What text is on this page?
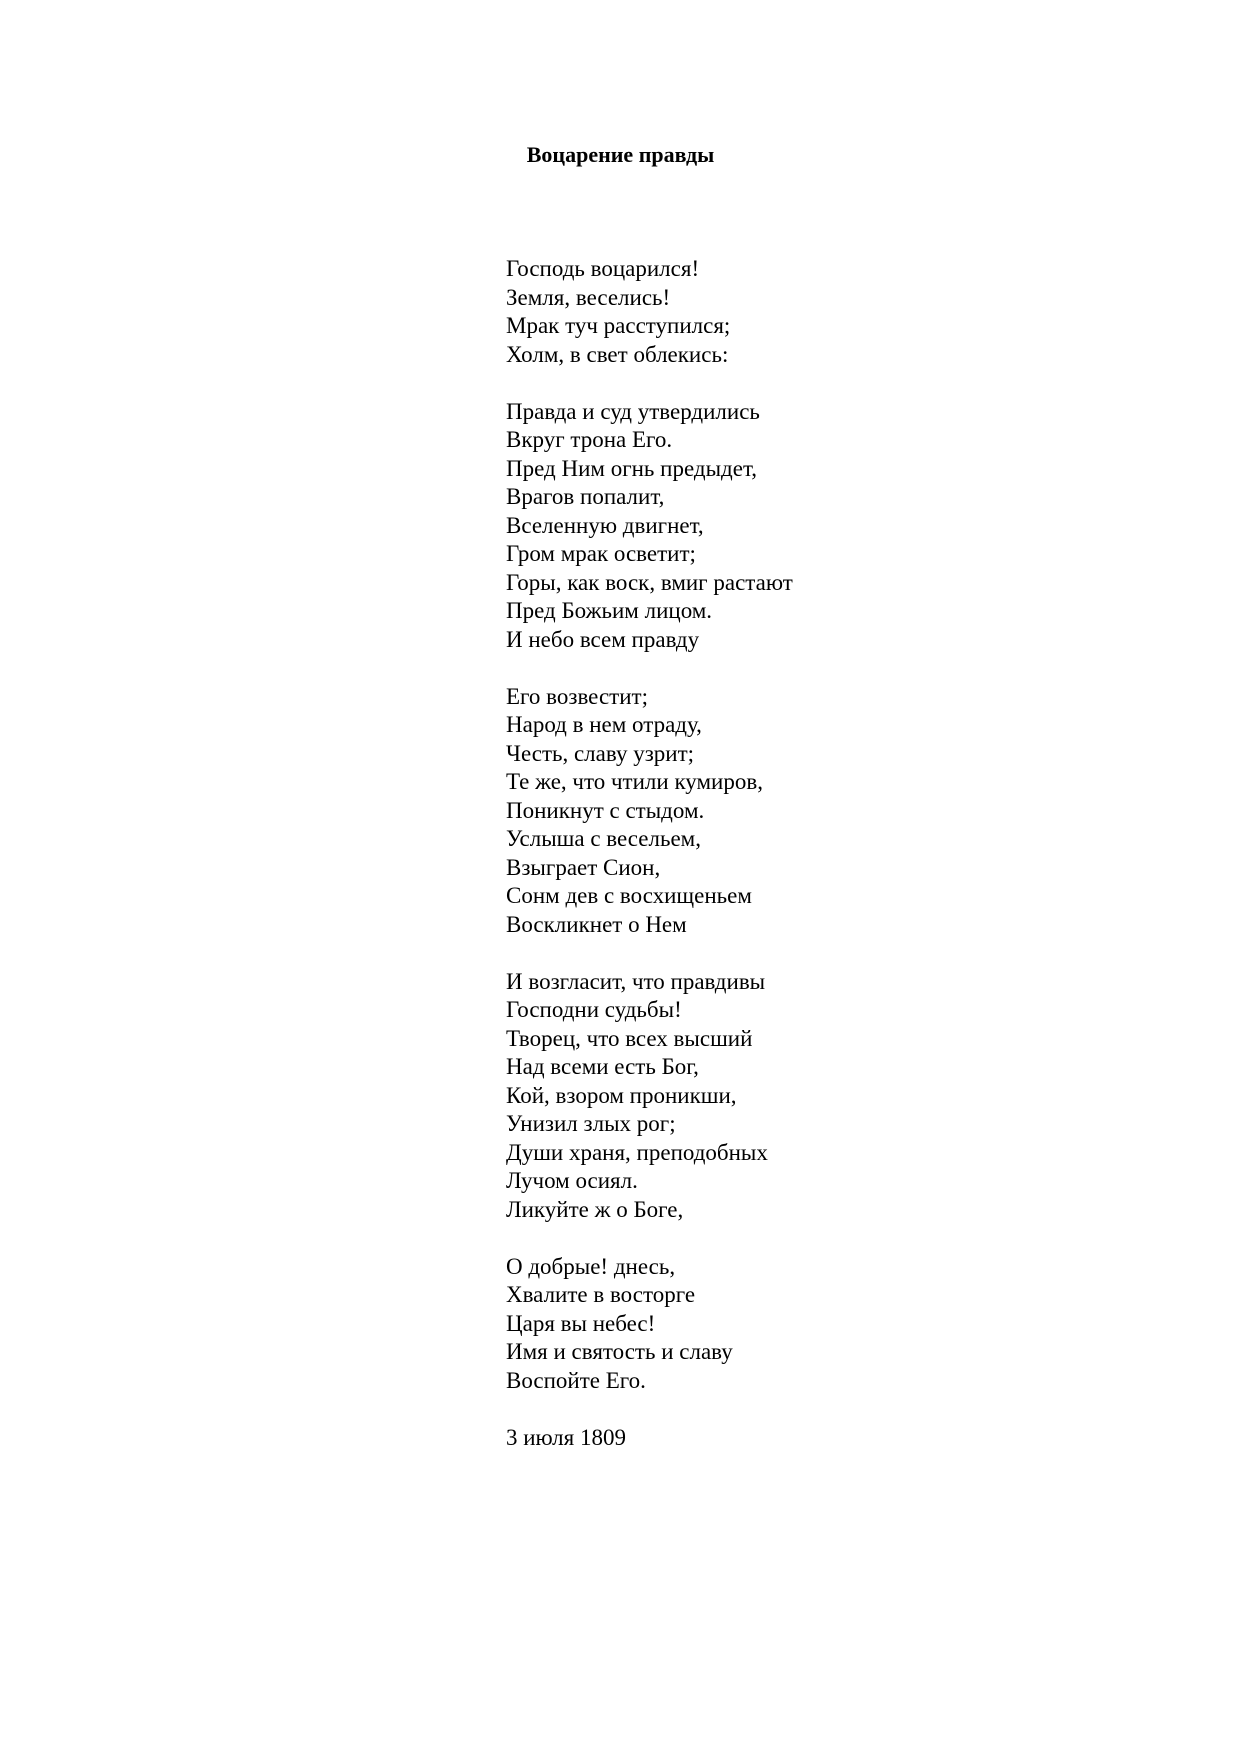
Воцарение правды
Господь воцарился!
Земля, веселись!
Мрак туч расступился;
Холм, в свет облекись:
Правда и суд утвердились
Вкруг трона Его.
Пред Ним огнь предыдет,
Врагов попалит,
Вселенную двигнет,
Гром мрак осветит;
Горы, как воск, вмиг растают
Пред Божьим лицом.
И небо всем правду
Его возвестит;
Народ в нем отраду,
Честь, славу узрит;
Те же, что чтили кумиров,
Поникнут с стыдом.
Услыша с весельем,
Взыграет Сион,
Сонм дев с восхищеньем
Воскликнет о Нем
И возгласит, что правдивы
Господни судьбы!
Творец, что всех высший
Над всеми есть Бог,
Кой, взором проникши,
Унизил злых рог;
Души храня, преподобных
Лучом осиял.
Ликуйте ж о Боге,
О добрые! днесь,
Хвалите в восторге
Царя вы небес!
Имя и святость и славу
Воспойте Его.

3 июля 1809
